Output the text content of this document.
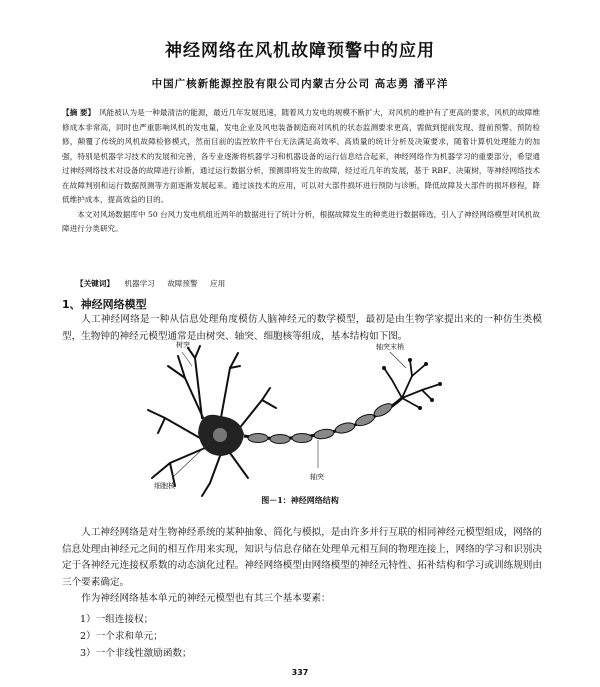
神经网络在风机故障预警中的应用
中国广核新能源控股有限公司内蒙古分公司 高志勇 潘平洋

【摘 要】 风能被认为是一种最清洁的能源，最近几年发展迅速，随着风力发电的规模不断扩大，对风机的维护有了更高的要求，风机的故障维修成本非常高，同时也严重影响风机的发电量，发电企业及风电装备制造商对风机的状态监测要求更高，需做到提前发现、提前预警、预防检修，颠覆了传统的风机故障检修模式，然而目前的监控软件平台无法满足高效率、高质量的统计分析及决策要求，随着计算机处理能力的加强，特别是机器学习技术的发展和完善，各专业逐渐将机器学习和机器设备的运行信息结合起来，神经网络作为机器学习的重要部分，希望通过神经网络技术对设备的故障进行诊断，通过运行数据分析，预测即将发生的故障，经过近几年的发展，基于 RBF、决策树，等神经网络技术在故障判别和运行数据预测等方面逐渐发展起来。通过该技术的应用，可以对大部件损坏进行预防与诊断，降低故障及大部件的损坏修程，降低维护成本，提高效益的目的。

本文对风场数据库中 50 台风力发电机组近两年的数据进行了统计分析，根据故障发生的种类进行数据筛选，引入了神经网络模型对风机故障进行分类研究。

【关键词】 机器学习 故障预警 应用
1、神经网络模型

人工神经网络是一种从信息处理角度模仿人脑神经元的数学模型，最初是由生物学家提出来的一种仿生类模型，生物钟的神经元模型通常是由树突、轴突、细胞核等组成，基本结构如下图。

树突	轴突末梢
细胞核
轴突
图－1：神经网络结构

人工神经网络是对生物神经系统的某种抽象、简化与模拟，是由许多并行互联的相同神经元模型组成，网络的信息处理由神经元之间的相互作用来实现，知识与信息存储在处理单元相互间的物理连接上，网络的学习和识别决定于各神经元连接权系数的动态演化过程。神经网络模型由网络模型的神经元特性、拓补结构和学习或训练规则由三个要素确定。

作为神经网络基本单元的神经元模型也有其三个基本要素：

1）一组连接权；
2）一个求和单元；
3）一个非线性激励函数；
337
